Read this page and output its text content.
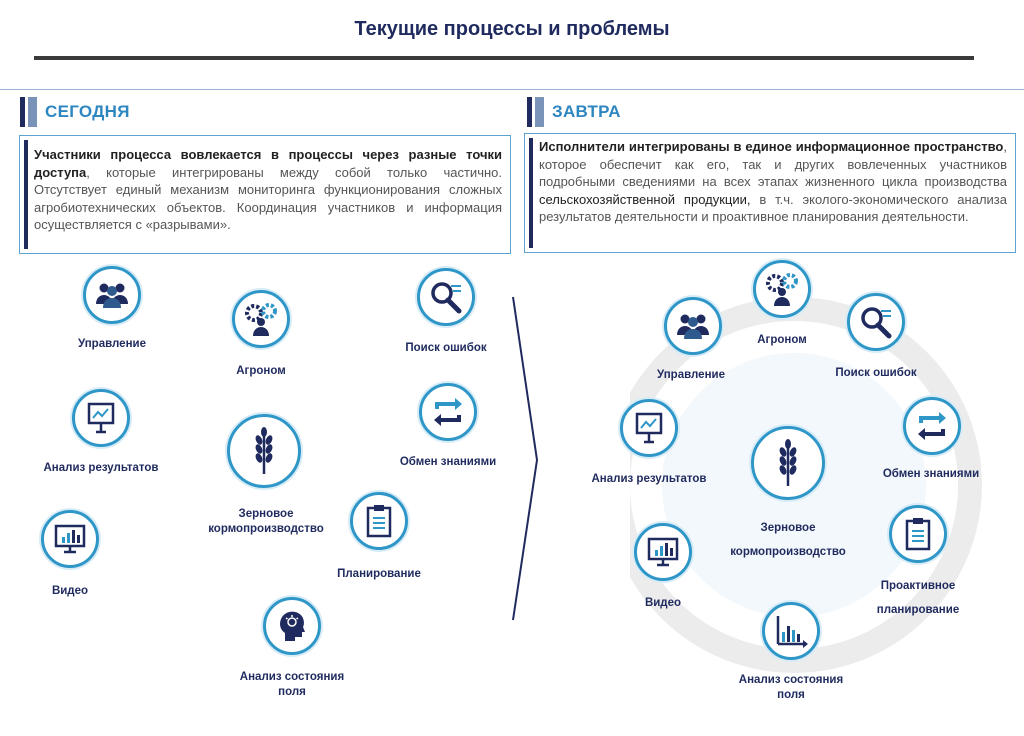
Текущие процессы и проблемы
СЕГОДНЯ	ЗАВТРА
Участники процесса вовлекается в процессы через разные точки доступа, которые интегрированы между собой только частично. Отсутствует единый механизм мониторинга функционирования сложных агробиотехнических объектов. Координация участников и информация осуществляется с «разрывами».
Исполнители интегрированы в единое информационное пространство, которое обеспечит как его, так и других вовлеченных участников подробными сведениями на всех этапах жизненного цикла производства сельскохозяйственной продукции, в т.ч. эколого-экономического анализа результатов деятельности и проактивное планирования деятельности.
Управление
Агроном
Поиск ошибок
Анализ результатов	Обмен знаниями
Зерновое
кормопроизводство
Планирование
Видео
Анализ состояния
поля
Агроном
Управление	Поиск ошибок
Анализ результатов	Обмен знаниями
Зерновое
кормопроизводство
Видео
Проактивное
планирование
Анализ состояния
поля
